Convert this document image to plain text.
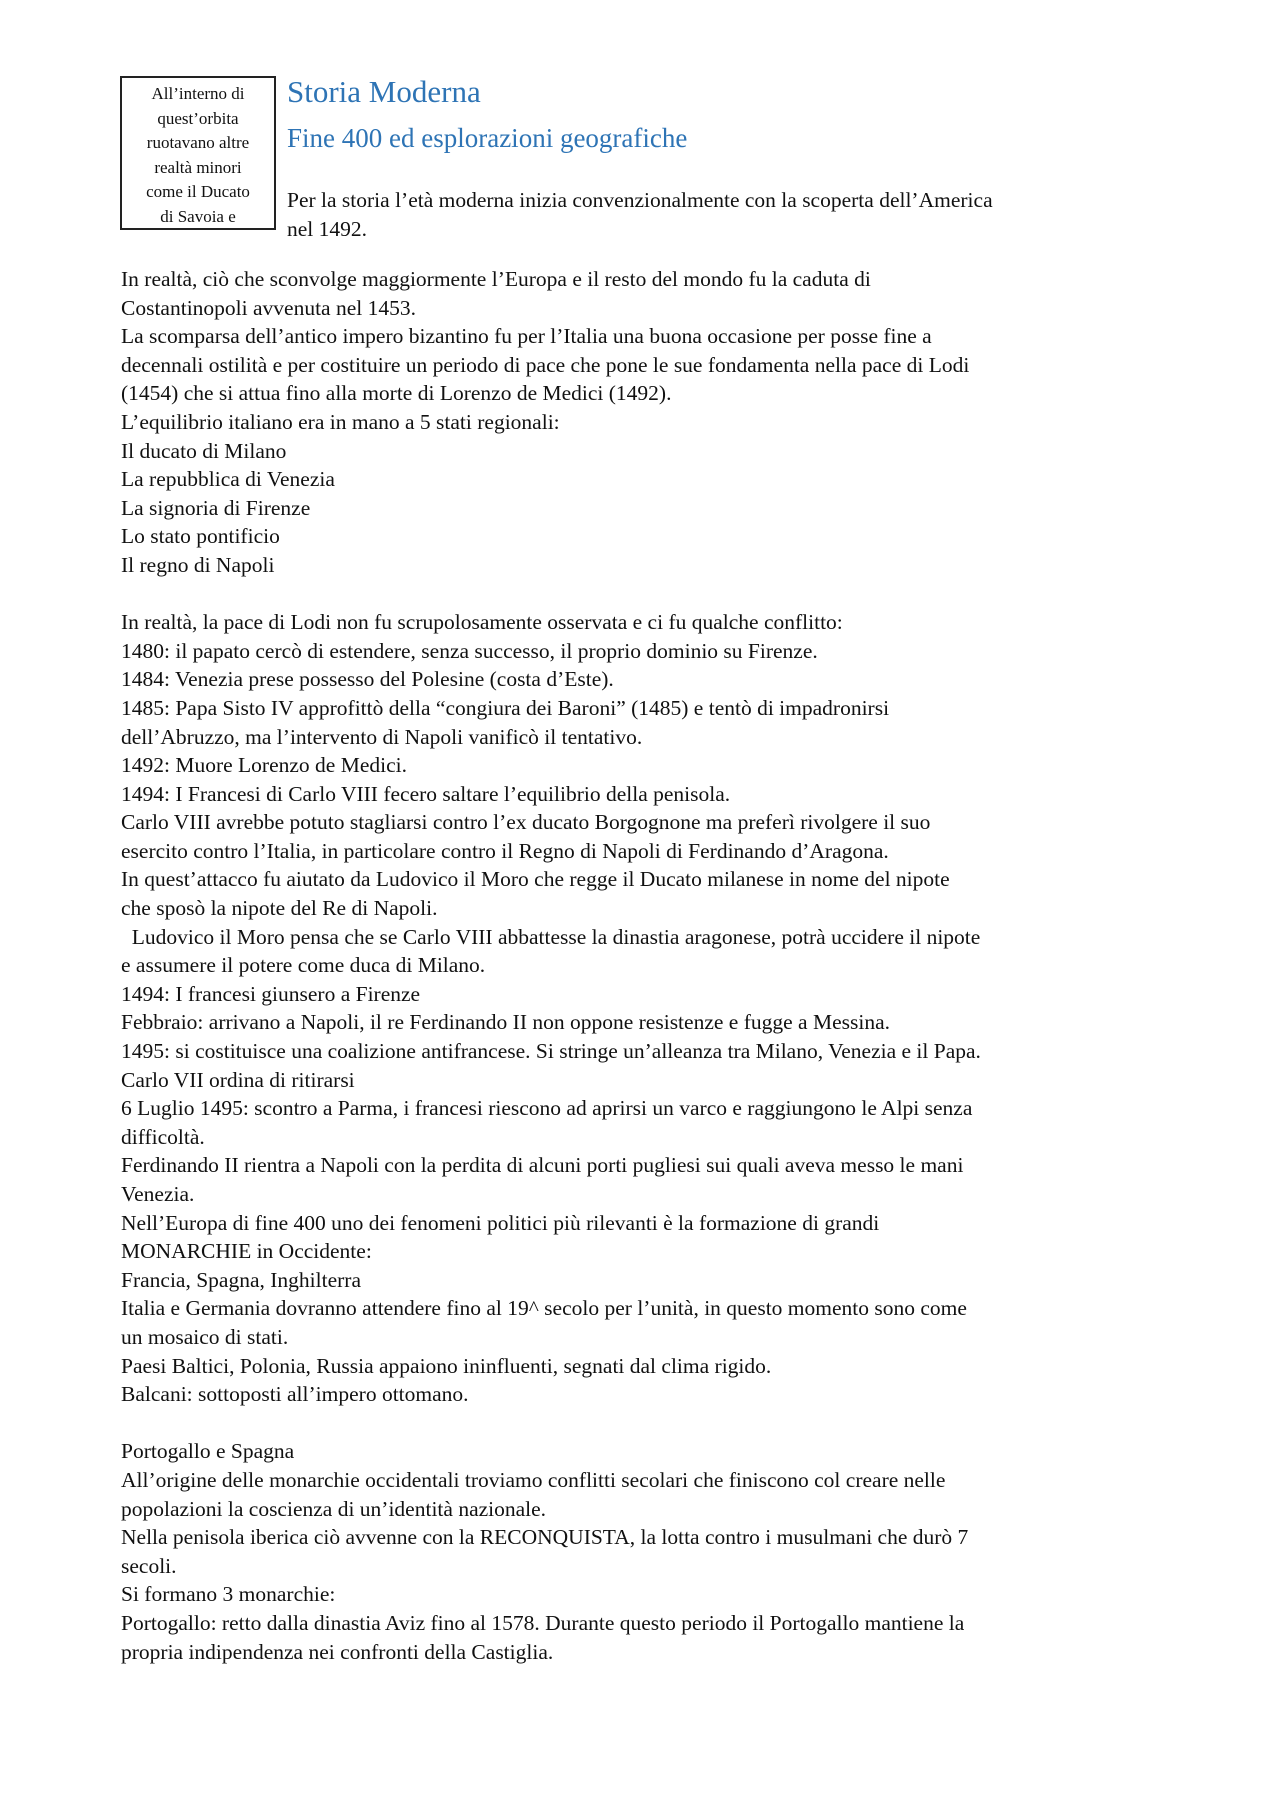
All’interno di
quest’orbita
ruotavano altre
realtà minori
come il Ducato
di Savoia e
Storia Moderna
Fine 400 ed esplorazioni geografiche
Per la storia l’età moderna inizia convenzionalmente con la scoperta dell’America
nel 1492.
In realtà, ciò che sconvolge maggiormente l’Europa e il resto del mondo fu la caduta di
Costantinopoli avvenuta nel 1453.
La scomparsa dell’antico impero bizantino fu per l’Italia una buona occasione per posse fine a
decennali ostilità e per costituire un periodo di pace che pone le sue fondamenta nella pace di Lodi
(1454) che si attua fino alla morte di Lorenzo de Medici (1492).
L’equilibrio italiano era in mano a 5 stati regionali:
Il ducato di Milano
La repubblica di Venezia
La signoria di Firenze
Lo stato pontificio
Il regno di Napoli
In realtà, la pace di Lodi non fu scrupolosamente osservata e ci fu qualche conflitto:
1480: il papato cercò di estendere, senza successo, il proprio dominio su Firenze.
1484: Venezia prese possesso del Polesine (costa d’Este).
1485: Papa Sisto IV approfittò della “congiura dei Baroni” (1485) e tentò di impadronirsi
dell’Abruzzo, ma l’intervento di Napoli vanificò il tentativo.
1492: Muore Lorenzo de Medici.
1494: I Francesi di Carlo VIII fecero saltare l’equilibrio della penisola.
Carlo VIII avrebbe potuto stagliarsi contro l’ex ducato Borgognone ma preferì rivolgere il suo
esercito contro l’Italia, in particolare contro il Regno di Napoli di Ferdinando d’Aragona.
In quest’attacco fu aiutato da Ludovico il Moro che regge il Ducato milanese in nome del nipote
che sposò la nipote del Re di Napoli.
Ludovico il Moro pensa che se Carlo VIII abbattesse la dinastia aragonese, potrà uccidere il nipote
e assumere il potere come duca di Milano.
1494: I francesi giunsero a Firenze
Febbraio: arrivano a Napoli, il re Ferdinando II non oppone resistenze e fugge a Messina.
1495: si costituisce una coalizione antifrancese. Si stringe un’alleanza tra Milano, Venezia e il Papa.
Carlo VII ordina di ritirarsi
6 Luglio 1495: scontro a Parma, i francesi riescono ad aprirsi un varco e raggiungono le Alpi senza
difficoltà.
Ferdinando II rientra a Napoli con la perdita di alcuni porti pugliesi sui quali aveva messo le mani
Venezia.
Nell’Europa di fine 400 uno dei fenomeni politici più rilevanti è la formazione di grandi
MONARCHIE in Occidente:
Francia, Spagna, Inghilterra
Italia e Germania dovranno attendere fino al 19^ secolo per l’unità, in questo momento sono come
un mosaico di stati.
Paesi Baltici, Polonia, Russia appaiono ininfluenti, segnati dal clima rigido.
Balcani: sottoposti all’impero ottomano.
Portogallo e Spagna
All’origine delle monarchie occidentali troviamo conflitti secolari che finiscono col creare nelle
popolazioni la coscienza di un’identità nazionale.
Nella penisola iberica ciò avvenne con la RECONQUISTA, la lotta contro i musulmani che durò 7
secoli.
Si formano 3 monarchie:
Portogallo: retto dalla dinastia Aviz fino al 1578. Durante questo periodo il Portogallo mantiene la
propria indipendenza nei confronti della Castiglia.
